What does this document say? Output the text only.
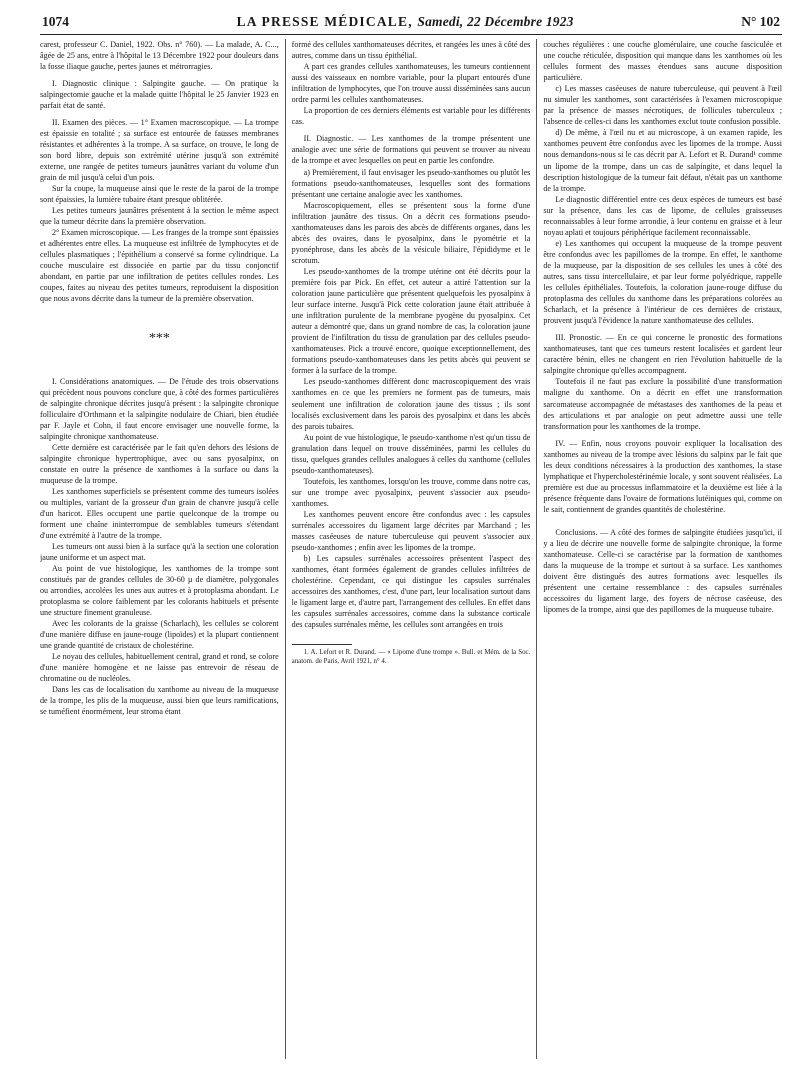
1074	LA PRESSE MÉDICALE, Samedi, 22 Décembre 1923	N° 102

carest, professeur C. Daniel, 1922. Obs. n° 760). — La malade, A. C..., âgée de 25 ans, entre à l'hôpital le 13 Décembre 1922 pour douleurs dans la fosse iliaque gauche, pertes jaunes et métrorragies.

I. Diagnostic clinique : Salpingite gauche. — On pratique la salpingectomie gauche et la malade quitte l'hôpital le 25 Janvier 1923 en parfait état de santé.

II. Examen des pièces. — 1° Examen macroscopique. — La trompe est épaissie en totalité ; sa surface est entourée de fausses membranes résistantes et adhérentes à la trompe. A sa surface, on trouve, le long de son bord libre, depuis son extrémité utérine jusqu'à son extrémité externe, une rangée de petites tumeurs jaunâtres variant du volume d'un grain de mil jusqu'à celui d'un pois.

Sur la coupe, la muqueuse ainsi que le reste de la paroi de la trompe sont épaissies, la lumière tubaire étant presque oblitérée.

Les petites tumeurs jaunâtres présentent à la section le même aspect que la tumeur décrite dans la première observation.

2° Examen microscopique. — Les franges de la trompe sont épaissies et adhérentes entre elles. La muqueuse est infiltrée de lymphocytes et de cellules plasmatiques ; l'épithélium a conservé sa forme cylindrique. La couche musculaire est dissociée en partie par du tissu conjonctif abondant, en partie par une infiltration de petites cellules rondes. Les coupes, faites au niveau des petites tumeurs, reproduisent la disposition que nous avons décrite dans la tumeur de la première observation.

***

I. Considérations anatomiques. — De l'étude des trois observations qui précèdent nous pouvons conclure que, à côté des formes particulières de salpingite chronique décrites jusqu'à présent : la salpingite chronique folliculaire d'Orthmann et la salpingite nodulaire de Chiari, bien étudiée par F. Jayle et Cohn, il faut encore envisager une nouvelle forme, la salpingite chronique xanthomateuse.

Cette dernière est caractérisée par le fait qu'en dehors des lésions de salpingite chronique hypertrophique, avec ou sans pyosalpinx, on constate en outre la présence de xanthomes à la surface ou dans la muqueuse de la trompe.

Les xanthomes superficiels se présentent comme des tumeurs isolées ou multiples, variant de la grosseur d'un grain de chanvre jusqu'à celle d'un haricot. Elles occupent une partie quelconque de la trompe ou forment une chaîne ininterrompue de semblables tumeurs s'étendant d'une extrémité à l'autre de la trompe.

Les tumeurs ont aussi bien à la surface qu'à la section une coloration jaune uniforme et un aspect mat.

Au point de vue histologique, les xanthomes de la trompe sont constitués par de grandes cellules de 30-60 µ de diamètre, polygonales ou arrondies, accolées les unes aux autres et à protoplasma abondant. Le protoplasma se colore faiblement par les colorants habituels et présente une structure finement granuleuse.

Avec les colorants de la graisse (Scharlach), les cellules se colorent d'une manière diffuse en jaune-rouge (lipoïdes) et la plupart contiennent une grande quantité de cristaux de cholestérine.

Le noyau des cellules, habituellement central, grand et rond, se colore d'une manière homogène et ne laisse pas entrevoir de réseau de chromatine ou de nucléoles.

Dans les cas de localisation du xanthome au niveau de la muqueuse de la trompe, les plis de la muqueuse, aussi bien que leurs ramifications, se tuméfient énormément, leur stroma étant

formé des cellules xanthomateuses décrites, et rangées les unes à côté des autres, comme dans un tissu épithélial.

A part ces grandes cellules xanthomateuses, les tumeurs contiennent aussi des vaisseaux en nombre variable, pour la plupart entourés d'une infiltration de lymphocytes, que l'on trouve aussi disséminées sans aucun ordre parmi les cellules xanthomateuses.

La proportion de ces derniers éléments est variable pour les différents cas.

II. Diagnostic. — Les xanthomes de la trompe présentent une analogie avec une série de formations qui peuvent se trouver au niveau de la trompe et avec lesquelles on peut en partie les confondre.

a) Premièrement, il faut envisager les pseudo-xanthomes ou plutôt les formations pseudo-xanthomateuses, lesquelles sont des formations présentant une certaine analogie avec les xanthomes.

Macroscopiquement, elles se présentent sous la forme d'une infiltration jaunâtre des tissus. On a décrit ces formations pseudo-xanthomateuses dans les parois des abcès de différents organes, dans les abcès des ovaires, dans le pyosalpinx, dans le pyométrie et la pyonéphrose, dans les abcès de la vésicule biliaire, l'épididyme et le scrotum.

Les pseudo-xanthomes de la trompe utérine ont été décrits pour la première fois par Pick. En effet, cet auteur a attiré l'attention sur la coloration jaune particulière que présentent quelquefois les pyosalpinx à leur surface interne. Jusqu'à Pick cette coloration jaune était attribuée à une infiltration purulente de la membrane pyogène du pyosalpinx. Cet auteur a démontré que, dans un grand nombre de cas, la coloration jaune provient de l'infiltration du tissu de granulation par des cellules pseudo-xanthomateuses. Pick a trouvé encore, quoique exceptionnellement, des formations pseudo-xanthomateuses dans les petits abcès qui peuvent se former à la surface de la trompe.

Les pseudo-xanthomes diffèrent donc macroscopiquement des vrais xanthomes en ce que les premiers ne forment pas de tumeurs, mais seulement une infiltration de coloration jaune des tissus ; ils sont localisés exclusivement dans les parois des pyosalpinx et dans les abcès des parois tubaires.

Au point de vue histologique, le pseudo-xanthome n'est qu'un tissu de granulation dans lequel on trouve disséminées, parmi les cellules du tissu, quelques grandes cellules analogues à celles du xanthome (cellules pseudo-xanthomateuses).

Toutefois, les xanthomes, lorsqu'on les trouve, comme dans notre cas, sur une trompe avec pyosalpinx, peuvent s'associer aux pseudo-xanthomes.

Les xanthomes peuvent encore être confondus avec : les capsules surrénales accessoires du ligament large décrites par Marchand ; les masses caséeuses de nature tuberculeuse qui peuvent s'associer aux pseudo-xanthomes ; enfin avec les lipomes de la trompe.

b) Les capsules surrénales accessoires présentent l'aspect des xanthomes, étant formées également de grandes cellules infiltrées de cholestérine. Cependant, ce qui distingue les capsules surrénales accessoires des xanthomes, c'est, d'une part, leur localisation surtout dans le ligament large et, d'autre part, l'arrangement des cellules. En effet dans les capsules surrénales accessoires, comme dans la substance corticale des capsules surrénales même, les cellules sont arrangées en trois

1. A. Lefort et R. Durand. — « Lipome d'une trompe ». Bull. et Mém. de la Soc. anatom. de Paris, Avril 1921, n° 4.

couches régulières : une couche glomérulaire, une couche fasciculée et une couche réticulée, disposition qui manque dans les xanthomes où les cellules forment des masses étendues sans aucune disposition particulière.

c) Les masses caséeuses de nature tuberculeuse, qui peuvent à l'œil nu simuler les xanthomes, sont caractérisées à l'examen microscopique par la présence de masses nécrotiques, de follicules tuberculeux ; l'absence de celles-ci dans les xanthomes exclut toute confusion possible.

d) De même, à l'œil nu et au microscope, à un examen rapide, les xanthomes peuvent être confondus avec les lipomes de la trompe. Aussi nous demandons-nous si le cas décrit par A. Lefort et R. Durand¹ comme un lipome de la trompe, dans un cas de salpingite, et dans lequel la description histologique de la tumeur fait défaut, n'était pas un xanthome de la trompe.

Le diagnostic différentiel entre ces deux espèces de tumeurs est basé sur la présence, dans les cas de lipome, de cellules graisseuses reconnaissables à leur forme arrondie, à leur contenu en graisse et à leur noyau aplati et toujours périphérique facilement reconnaissable.

e) Les xanthomes qui occupent la muqueuse de la trompe peuvent être confondus avec les papillomes de la trompe. En effet, le xanthome de la muqueuse, par la disposition de ses cellules les unes à côté des autres, sans tissu intercellulaire, et par leur forme polyédrique, rappelle les cellules épithéliales. Toutefois, la coloration jaune-rouge diffuse du protoplasma des cellules du xanthome dans les préparations colorées au Scharlach, et la présence à l'intérieur de ces dernières de cristaux, prouvent jusqu'à l'évidence la nature xanthomateuse des cellules.

III. Pronostic. — En ce qui concerne le pronostic des formations xanthomateuses, tant que ces tumeurs restent localisées et gardent leur caractère bénin, elles ne changent en rien l'évolution habituelle de la salpingite chronique qu'elles accompagnent.

Toutefois il ne faut pas exclure la possibilité d'une transformation maligne du xanthome. On a décrit en effet une transformation sarcomateuse accompagnée de métastases des xanthomes de la peau et des articulations et par analogie on peut admettre aussi une telle transformation pour les xanthomes de la trompe.

IV. — Enfin, nous croyons pouvoir expliquer la localisation des xanthomes au niveau de la trompe avec lésions du salpinx par le fait que les deux conditions nécessaires à la production des xanthomes, la stase lymphatique et l'hypercholestérinémie locale, y sont souvent réalisées. La première est due au processus inflammatoire et la deuxième est liée à la présence fréquente dans l'ovaire de formations lutéiniques qui, comme on le sait, contiennent de grandes quantités de cholestérine.

Conclusions. — A côté des formes de salpingite étudiées jusqu'ici, il y a lieu de décrire une nouvelle forme de salpingite chronique, la forme xanthomateuse. Celle-ci se caractérise par la formation de xanthomes dans la muqueuse de la trompe et surtout à sa surface. Les xanthomes doivent être distingués des autres formations avec lesquelles ils présentent une certaine ressemblance : des capsules surrénales accessoires du ligament large, des foyers de nécrose caséeuse, des lipomes de la trompe, ainsi que des papillomes de la muqueuse tubaire.
